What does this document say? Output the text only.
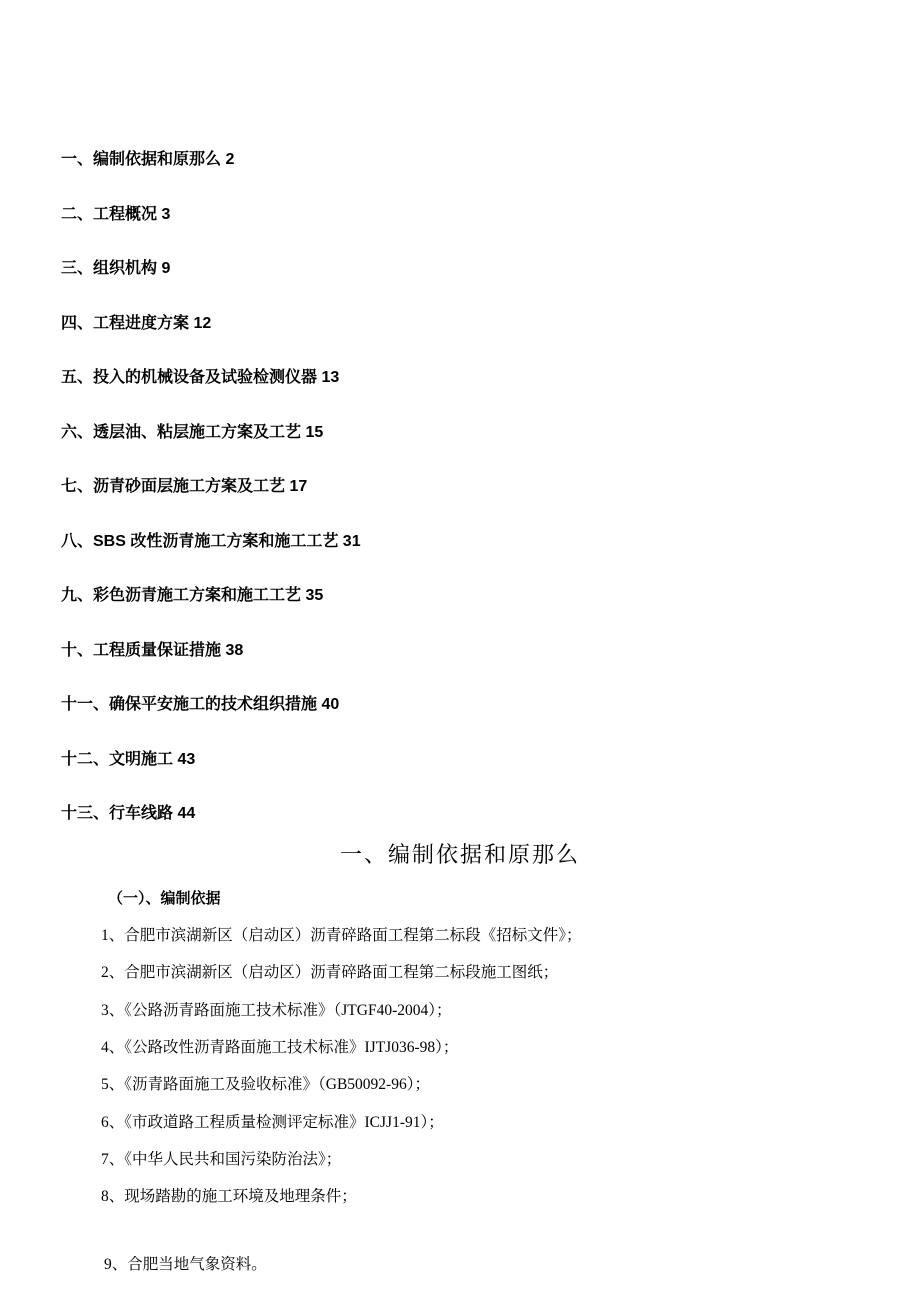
一、编制依据和原那么 2
二、工程概况 3
三、组织机构 9
四、工程进度方案 12
五、投入的机械设备及试验检测仪器 13
六、透层油、粘层施工方案及工艺 15
七、沥青砂面层施工方案及工艺 17
八、SBS 改性沥青施工方案和施工工艺 31
九、彩色沥青施工方案和施工工艺 35
十、工程质量保证措施 38
十一、确保平安施工的技术组织措施 40
十二、文明施工 43
十三、行车线路 44
一、编制依据和原那么
（一）、编制依据
1、合肥市滨湖新区（启动区）沥青碎路面工程第二标段《招标文件》；
2、合肥市滨湖新区（启动区）沥青碎路面工程第二标段施工图纸；
3、《公路沥青路面施工技术标准》（JTGF40-2004）；
4、《公路改性沥青路面施工技术标准》IJTJ036-98）；
5、《沥青路面施工及验收标准》（GB50092-96）；
6、《市政道路工程质量检测评定标准》ICJJ1-91）；
7、《中华人民共和国污染防治法》；
8、现场踏勘的施工环境及地理条件；
9、合肥当地气象资料。
